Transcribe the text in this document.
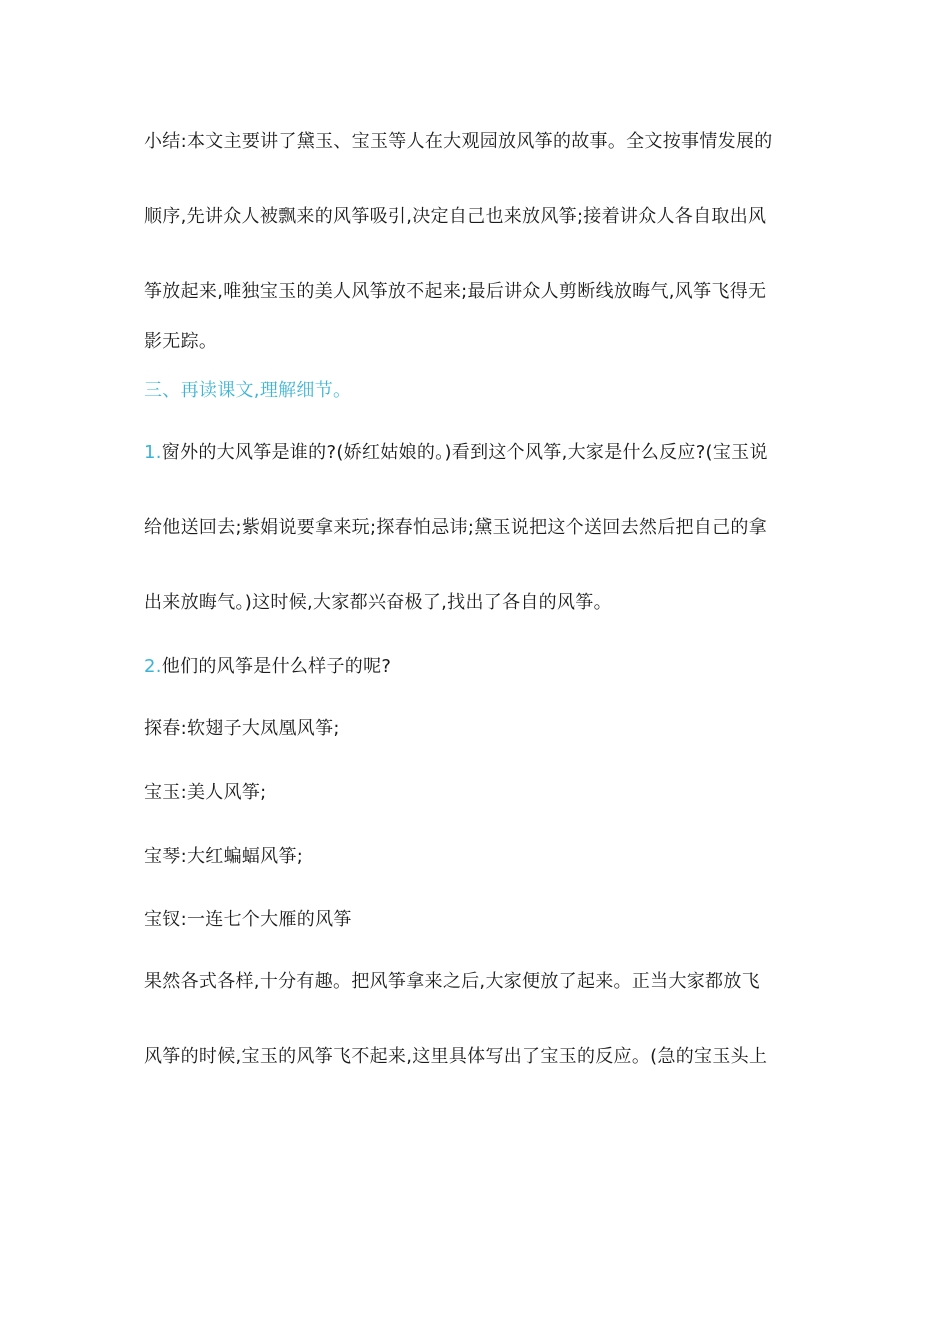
小结:本文主要讲了黛玉、宝玉等人在大观园放风筝的故事。全文按事情发展的
顺序,先讲众人被飘来的风筝吸引,决定自己也来放风筝;接着讲众人各自取出风
筝放起来,唯独宝玉的美人风筝放不起来;最后讲众人剪断线放晦气,风筝飞得无
影无踪。
三、再读课文,理解细节。
1.窗外的大风筝是谁的?(娇红姑娘的。)看到这个风筝,大家是什么反应?(宝玉说
给他送回去;紫娟说要拿来玩;探春怕忌讳;黛玉说把这个送回去然后把自己的拿
出来放晦气。)这时候,大家都兴奋极了,找出了各自的风筝。
2.他们的风筝是什么样子的呢?
探春:软翅子大凤凰风筝;
宝玉:美人风筝;
宝琴:大红蝙蝠风筝;
宝钗:一连七个大雁的风筝
果然各式各样,十分有趣。把风筝拿来之后,大家便放了起来。正当大家都放飞
风筝的时候,宝玉的风筝飞不起来,这里具体写出了宝玉的反应。(急的宝玉头上
